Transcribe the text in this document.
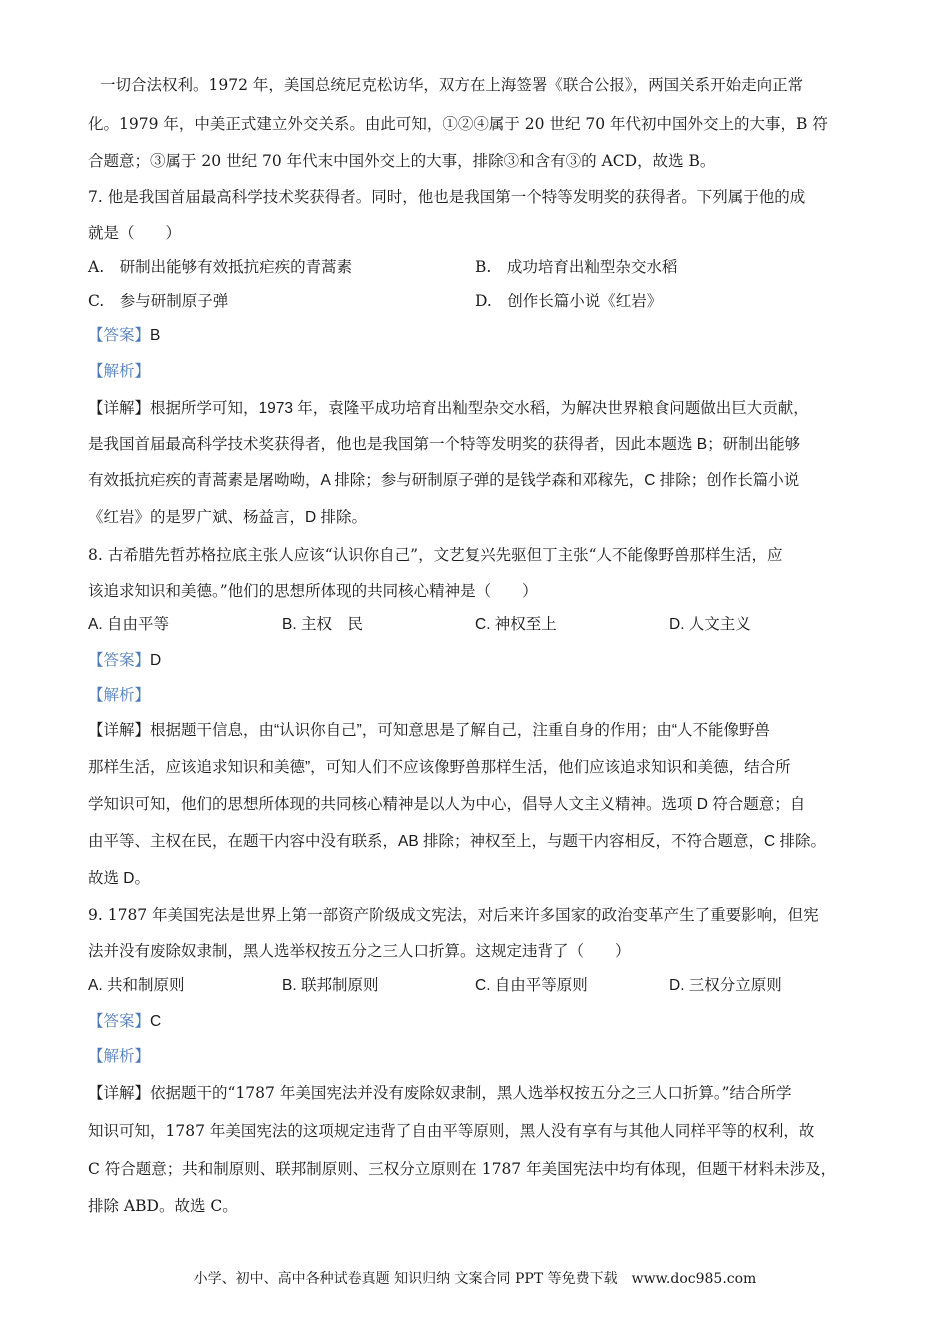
一切合法权利。1972 年，美国总统尼克松访华，双方在上海签署《联合公报》，两国关系开始走向正常
化。1979 年，中美正式建立外交关系。由此可知，①②④属于 20 世纪 70 年代初中国外交上的大事，B 符
合题意；③属于 20 世纪 70 年代末中国外交上的大事，排除③和含有③的 ACD，故选 B。
7. 他是我国首届最高科学技术奖获得者。同时，他也是我国第一个特等发明奖的获得者。下列属于他的成
就是（　　）
A.　研制出能够有效抵抗疟疾的青蒿素	B.　成功培育出籼型杂交水稻
C.　参与研制原子弹	D.　创作长篇小说《红岩》
【答案】B
【解析】
【详解】根据所学可知，1973 年，袁隆平成功培育出籼型杂交水稻，为解决世界粮食问题做出巨大贡献，
是我国首届最高科学技术奖获得者，他也是我国第一个特等发明奖的获得者，因此本题选 B；研制出能够
有效抵抗疟疾的青蒿素是屠呦呦，A 排除；参与研制原子弹的是钱学森和邓稼先，C 排除；创作长篇小说
《红岩》的是罗广斌、杨益言，D 排除。
8. 古希腊先哲苏格拉底主张人应该“认识你自己”，文艺复兴先驱但丁主张“人不能像野兽那样生活，应
该追求知识和美德。”他们的思想所体现的共同核心精神是（　　）
A. 自由平等	B. 主权　民	C. 神权至上	D. 人文主义
【答案】D
【解析】
【详解】根据题干信息，由“认识你自己”，可知意思是了解自己，注重自身的作用；由“人不能像野兽
那样生活，应该追求知识和美德”，可知人们不应该像野兽那样生活，他们应该追求知识和美德，结合所
学知识可知，他们的思想所体现的共同核心精神是以人为中心，倡导人文主义精神。选项 D 符合题意；自
由平等、主权在民，在题干内容中没有联系，AB 排除；神权至上，与题干内容相反，不符合题意，C 排除。
故选 D。
9. 1787 年美国宪法是世界上第一部资产阶级成文宪法，对后来许多国家的政治变革产生了重要影响，但宪
法并没有废除奴隶制，黑人选举权按五分之三人口折算。这规定违背了（　　）
A. 共和制原则	B. 联邦制原则	C. 自由平等原则	D. 三权分立原则
【答案】C
【解析】
【详解】依据题干的“1787 年美国宪法并没有废除奴隶制，黑人选举权按五分之三人口折算。”结合所学
知识可知，1787 年美国宪法的这项规定违背了自由平等原则，黑人没有享有与其他人同样平等的权利，故
C 符合题意；共和制原则、联邦制原则、三权分立原则在 1787 年美国宪法中均有体现，但题干材料未涉及，
排除 ABD。故选 C。
小学、初中、高中各种试卷真题 知识归纳 文案合同 PPT 等免费下载　www.doc985.com
